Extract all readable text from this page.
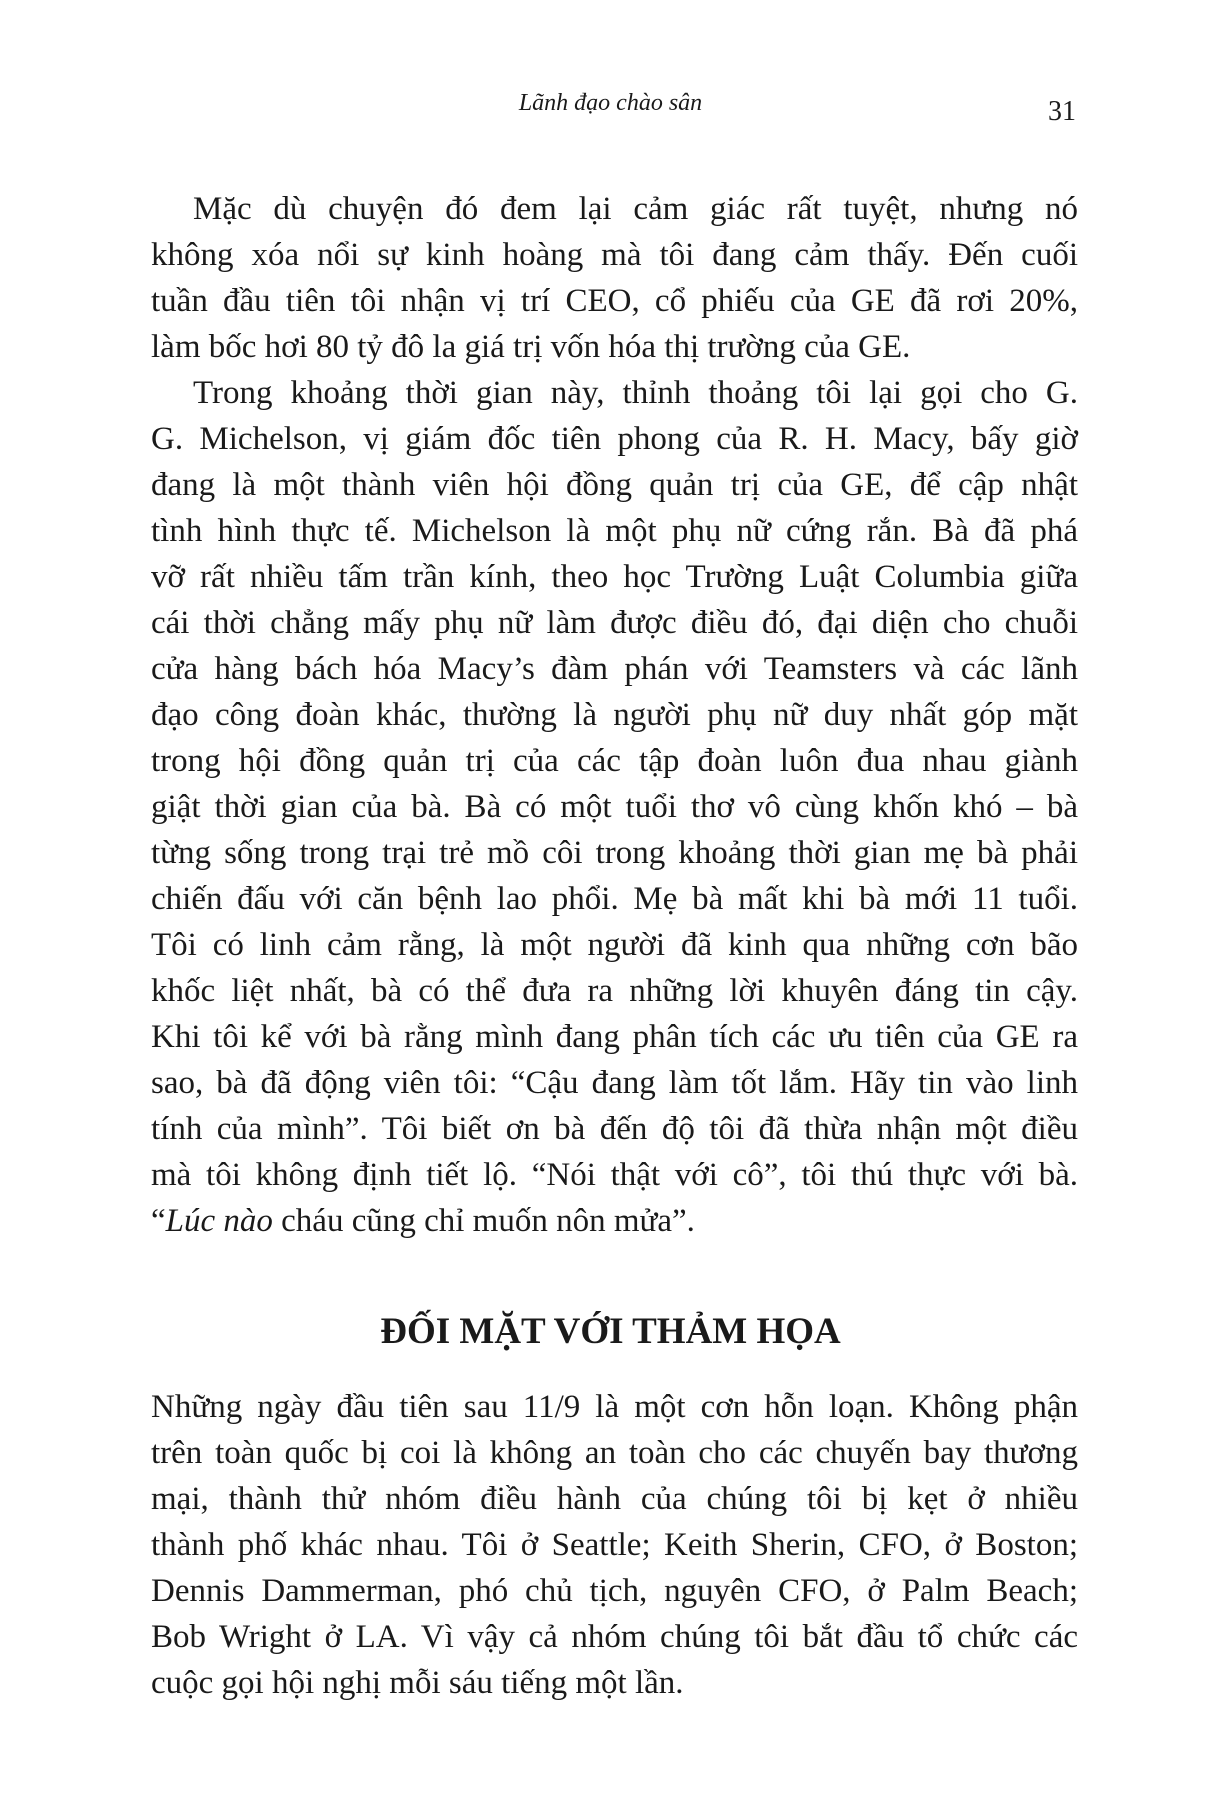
Lãnh đạo chào sân	31
Mặc dù chuyện đó đem lại cảm giác rất tuyệt, nhưng nó
không xóa nổi sự kinh hoàng mà tôi đang cảm thấy. Đến cuối
tuần đầu tiên tôi nhận vị trí CEO, cổ phiếu của GE đã rơi 20%,
làm bốc hơi 80 tỷ đô la giá trị vốn hóa thị trường của GE.
Trong khoảng thời gian này, thỉnh thoảng tôi lại gọi cho G.
G. Michelson, vị giám đốc tiên phong của R. H. Macy, bấy giờ
đang là một thành viên hội đồng quản trị của GE, để cập nhật
tình hình thực tế. Michelson là một phụ nữ cứng rắn. Bà đã phá
vỡ rất nhiều tấm trần kính, theo học Trường Luật Columbia giữa
cái thời chẳng mấy phụ nữ làm được điều đó, đại diện cho chuỗi
cửa hàng bách hóa Macy’s đàm phán với Teamsters và các lãnh
đạo công đoàn khác, thường là người phụ nữ duy nhất góp mặt
trong hội đồng quản trị của các tập đoàn luôn đua nhau giành
giật thời gian của bà. Bà có một tuổi thơ vô cùng khốn khó – bà
từng sống trong trại trẻ mồ côi trong khoảng thời gian mẹ bà phải
chiến đấu với căn bệnh lao phổi. Mẹ bà mất khi bà mới 11 tuổi.
Tôi có linh cảm rằng, là một người đã kinh qua những cơn bão
khốc liệt nhất, bà có thể đưa ra những lời khuyên đáng tin cậy.
Khi tôi kể với bà rằng mình đang phân tích các ưu tiên của GE ra
sao, bà đã động viên tôi: “Cậu đang làm tốt lắm. Hãy tin vào linh
tính của mình”. Tôi biết ơn bà đến độ tôi đã thừa nhận một điều
mà tôi không định tiết lộ. “Nói thật với cô”, tôi thú thực với bà.
“Lúc nào cháu cũng chỉ muốn nôn mửa”.
ĐỐI MẶT VỚI THẢM HỌA
Những ngày đầu tiên sau 11/9 là một cơn hỗn loạn. Không phận
trên toàn quốc bị coi là không an toàn cho các chuyến bay thương
mại, thành thử nhóm điều hành của chúng tôi bị kẹt ở nhiều
thành phố khác nhau. Tôi ở Seattle; Keith Sherin, CFO, ở Boston;
Dennis Dammerman, phó chủ tịch, nguyên CFO, ở Palm Beach;
Bob Wright ở LA. Vì vậy cả nhóm chúng tôi bắt đầu tổ chức các
cuộc gọi hội nghị mỗi sáu tiếng một lần.
